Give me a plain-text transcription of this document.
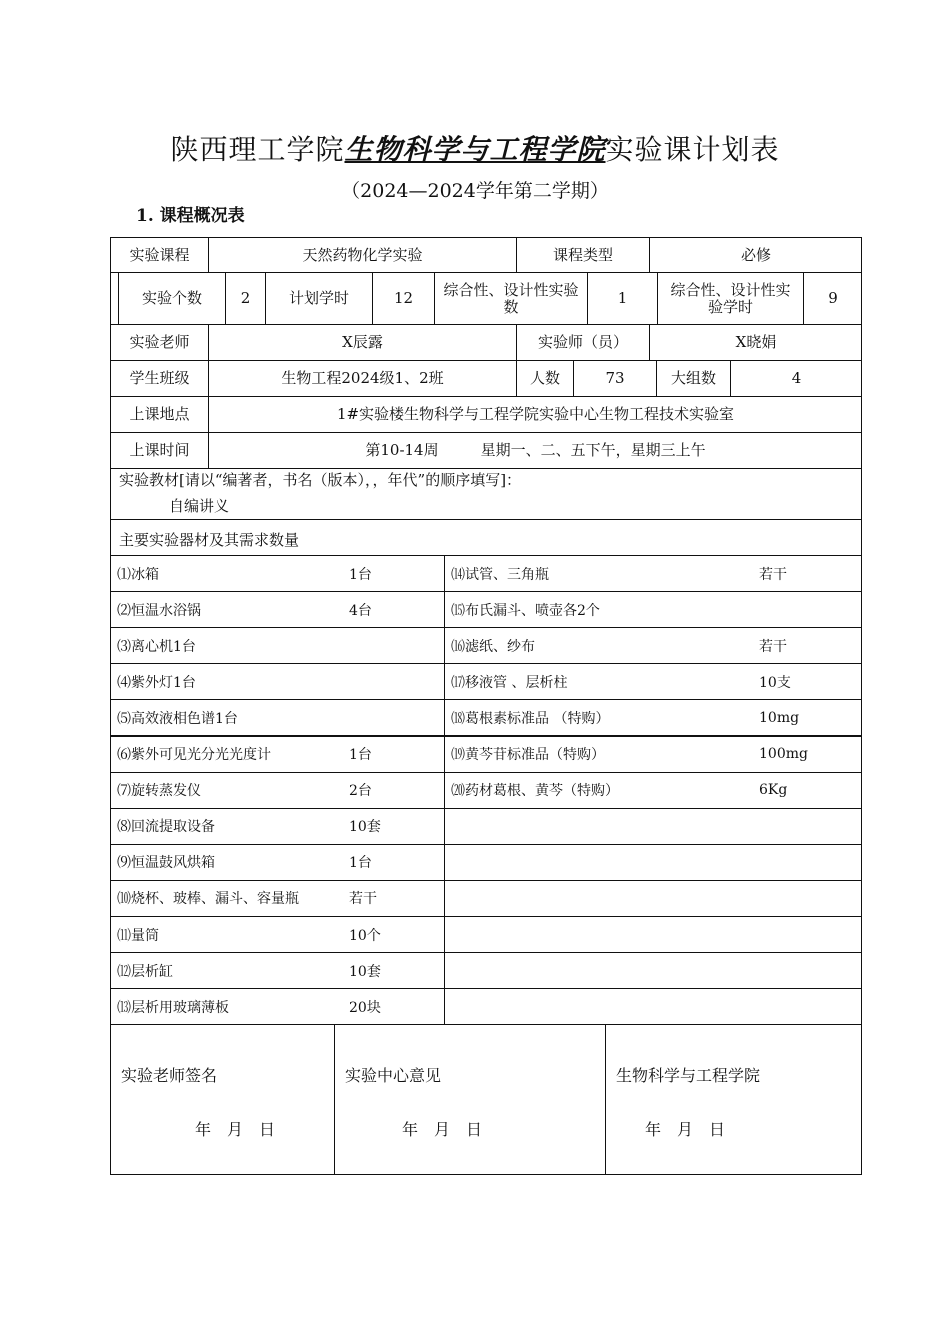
陕西理工学院生物科学与工程学院实验课计划表
（2024—2024学年第二学期）
1. 课程概况表
实验课程	天然药物化学实验	课程类型	必修
实验个数	2	计划学时	12	综合性、设计性实验数	1	综合性、设计性实验学时	9
实验老师	X辰露	实验师（员）	X晓娟
学生班级	生物工程2024级1、2班	人数	73	大组数	4
上课地点	1#实验楼生物科学与工程学院实验中心生物工程技术实验室
上课时间	第10-14周	星期一、二、五下午，星期三上午
实验教材[请以“编著者，书名（版本），，年代”的顺序填写]：
自编讲义
主要实验器材及其需求数量
⑴冰箱	1台	⒁试管、三角瓶	若干
⑵恒温水浴锅	4台	⒂布氏漏斗、喷壶各2个
⑶离心机1台	⒃滤纸、纱布	若干
⑷紫外灯1台	⒄移液管 、层析柱	10支
⑸高效液相色谱1台	⒅葛根素标准品 （特购）	10mg
⑹紫外可见光分光光度计	1台	⒆黄芩苷标准品（特购）	100mg
⑺旋转蒸发仪	2台	⒇药材葛根、黄芩（特购）	6Kg
⑻回流提取设备	10套
⑼恒温鼓风烘箱	1台
⑽烧杯、玻棒、漏斗、容量瓶	若干
⑾量筒	10个
⑿层析缸	10套
⒀层析用玻璃薄板	20块
实验老师签名
年　月　日
实验中心意见
年　月　日
生物科学与工程学院
年　月　日
